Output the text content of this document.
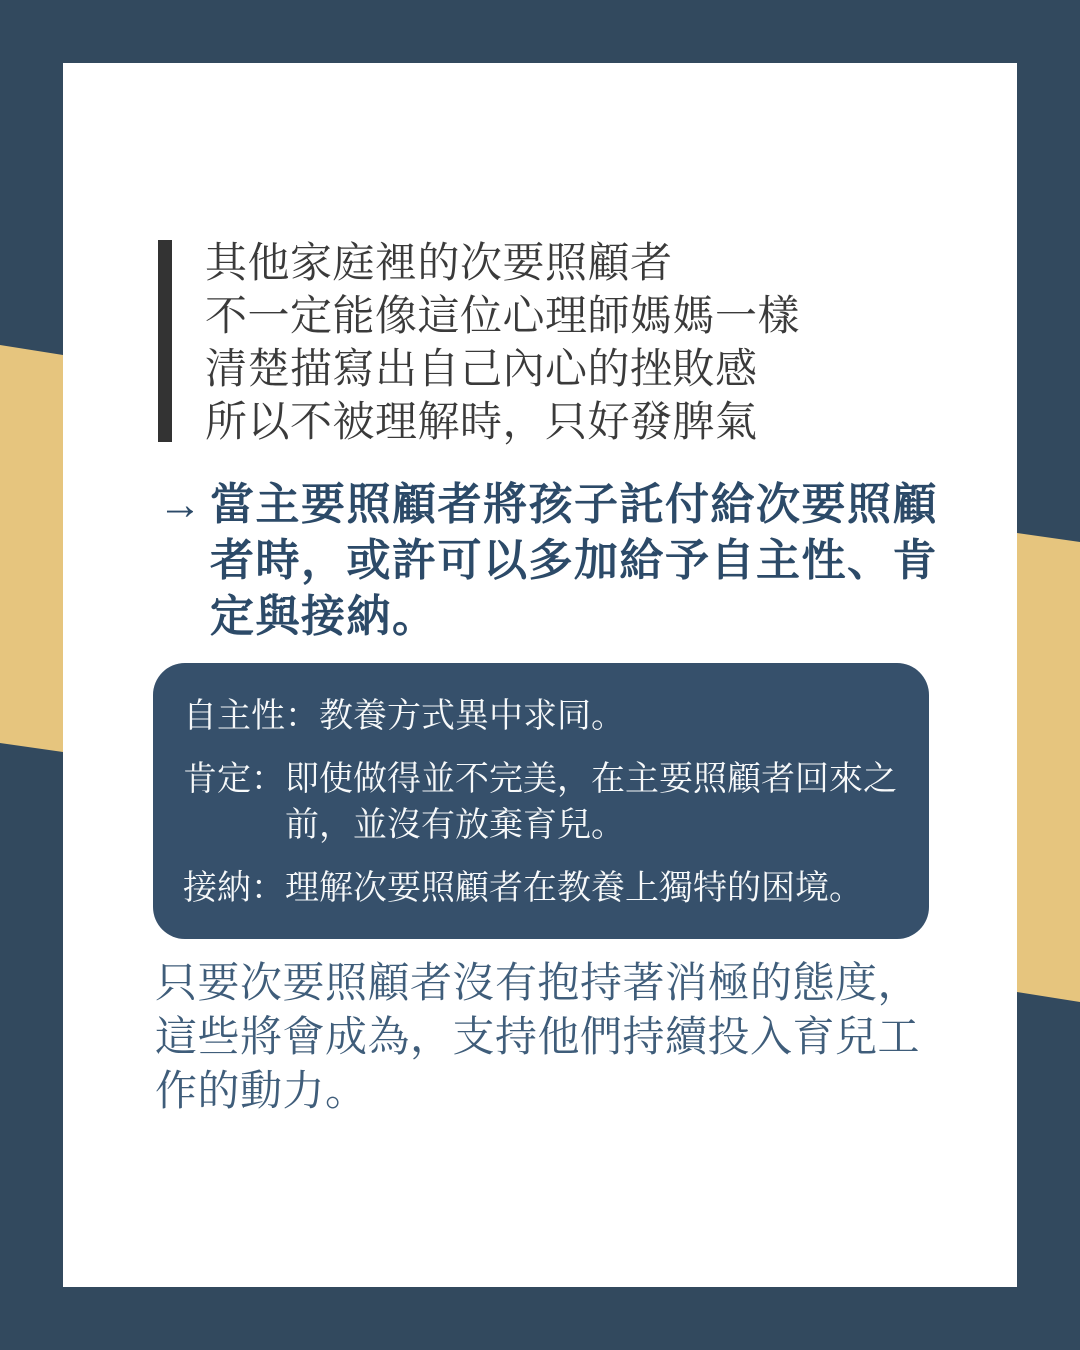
其他家庭裡的次要照顧者
不一定能像這位心理師媽媽一樣
清楚描寫出自己內心的挫敗感
所以不被理解時，只好發脾氣
→ 當主要照顧者將孩子託付給次要照顧者時，或許可以多加給予自主性、肯定與接納。
自主性： 教養方式異中求同。
肯定： 即使做得並不完美，在主要照顧者回來之前，並沒有放棄育兒。
接納： 理解次要照顧者在教養上獨特的困境。
只要次要照顧者沒有抱持著消極的態度，這些將會成為，支持他們持續投入育兒工作的動力。
